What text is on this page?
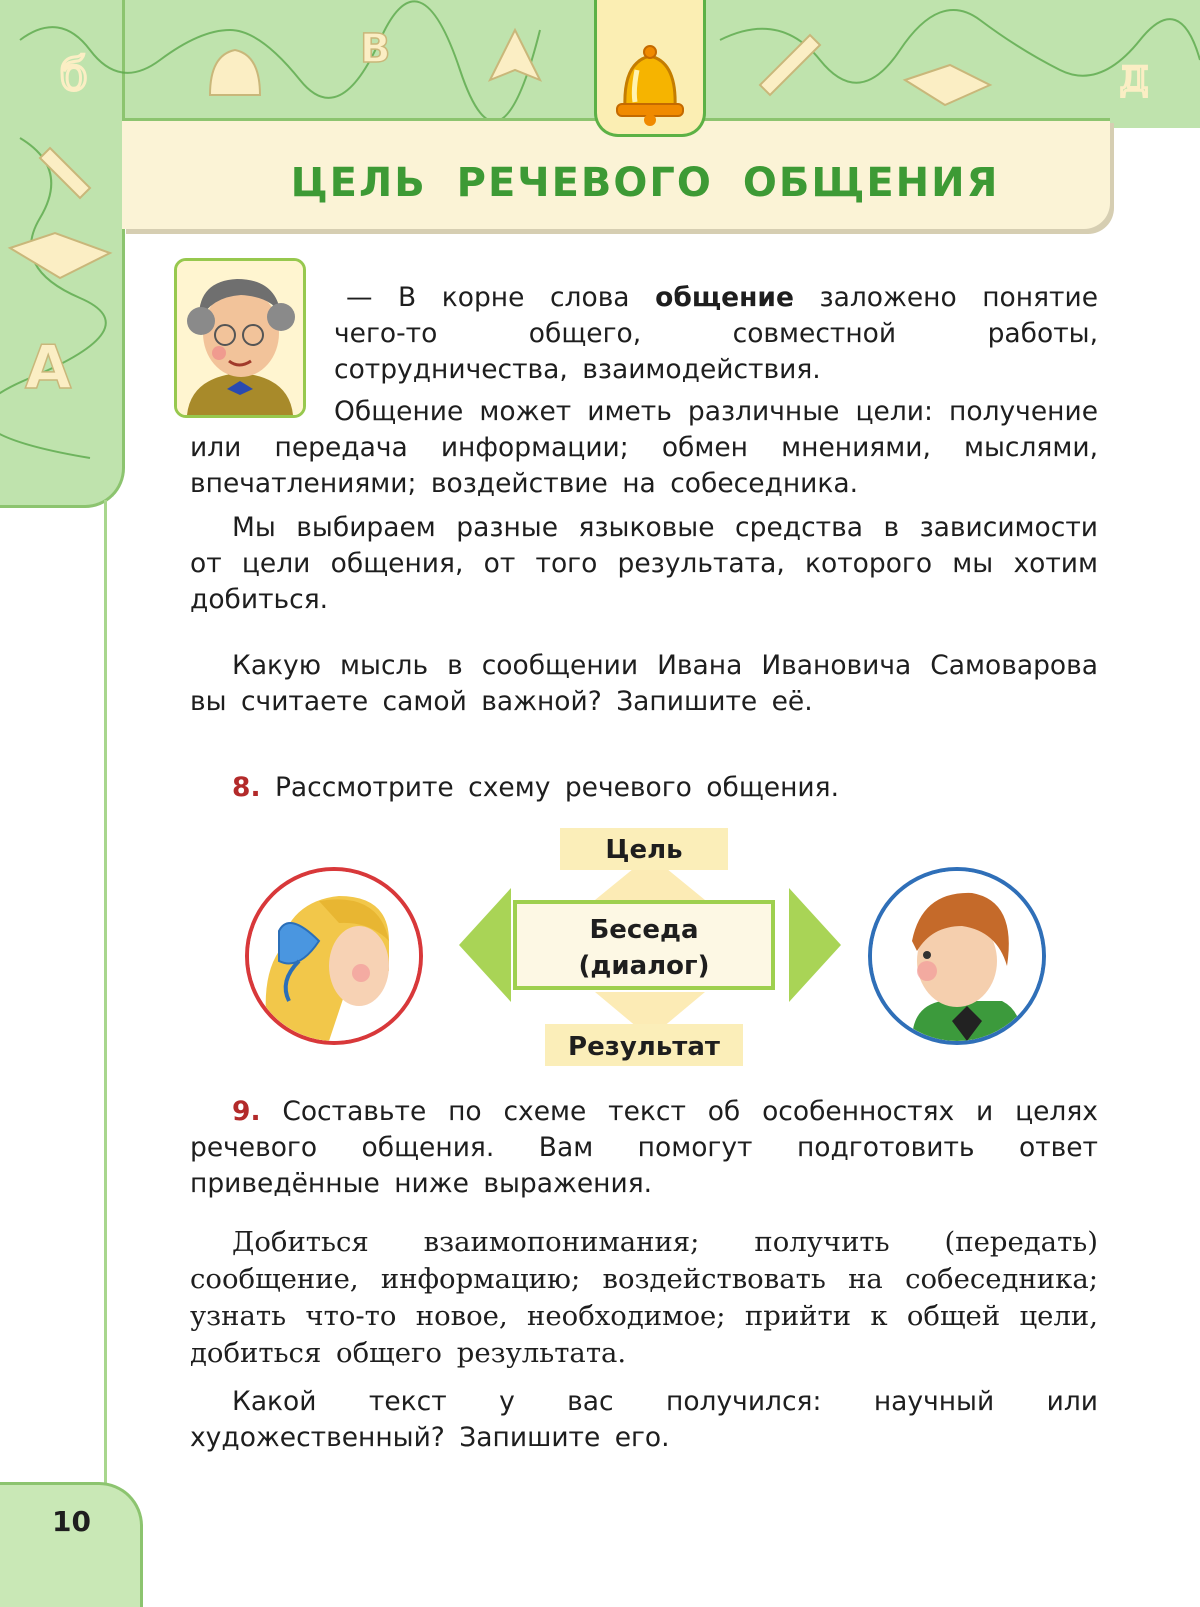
В
б	д
А
ЦЕЛЬ РЕЧЕВОГО ОБЩЕНИЯ

— В корне слова общение заложено понятие чего-то общего, совместной работы, сотрудничества, взаимодействия.

Общение может иметь различные цели: получение или передача информации; обмен мнениями, мыслями, впечатлениями; воздействие на собеседника.

Мы выбираем разные языковые средства в зависимости от цели общения, от того результата, которого мы хотим добиться.

Какую мысль в сообщении Ивана Ивановича Самоварова вы считаете самой важной? Запишите её.

8. Рассмотрите схему речевого общения.

Цель
Беседа
(диалог)
Результат

9. Составьте по схеме текст об особенностях и целях речевого общения. Вам помогут подготовить ответ приведённые ниже выражения.

Добиться взаимопонимания; получить (передать) сообщение, информацию; воздействовать на собеседника; узнать что-то новое, необходимое; прийти к общей цели, добиться общего результата.

Какой текст у вас получился: научный или художественный? Запишите его.

10
